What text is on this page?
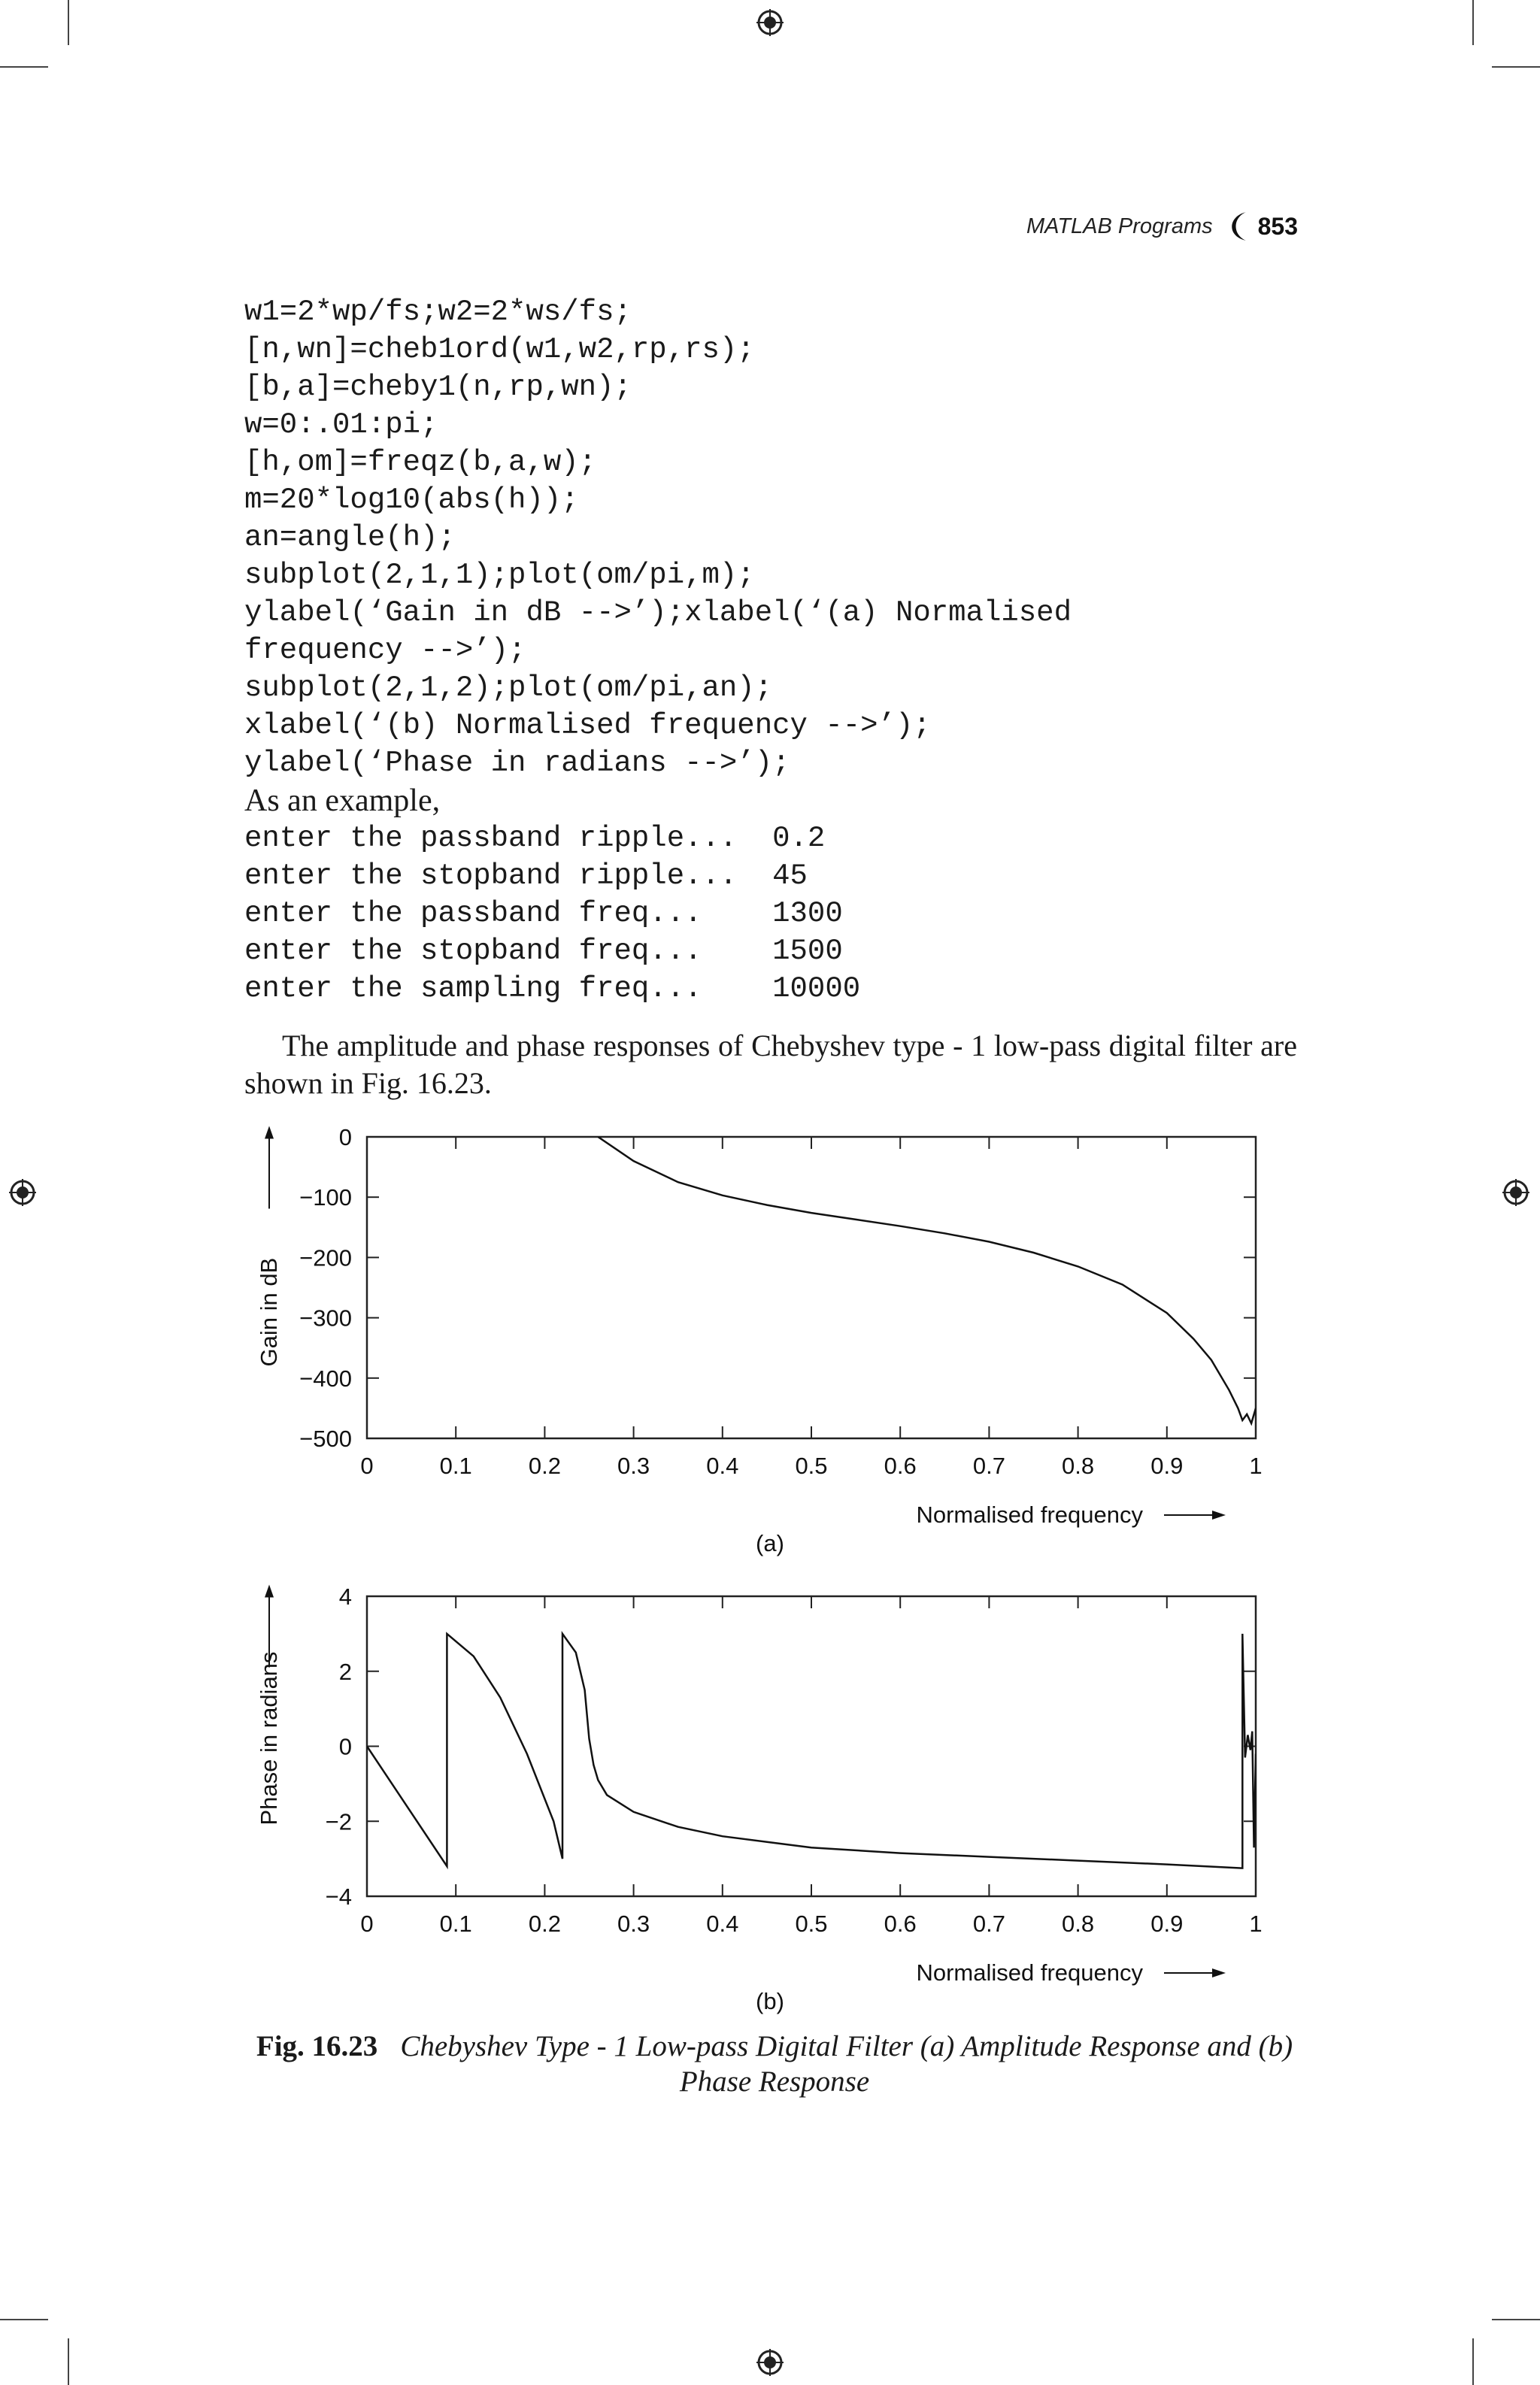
MATLAB Programs 853
w1=2*wp/fs;w2=2*ws/fs;
[n,wn]=cheb1ord(w1,w2,rp,rs);
[b,a]=cheby1(n,rp,wn);
w=0:.01:pi;
[h,om]=freqz(b,a,w);
m=20*log10(abs(h));
an=angle(h);
subplot(2,1,1);plot(om/pi,m);
ylabel(‘Gain in dB -->’);xlabel(‘(a) Normalised
frequency -->’);
subplot(2,1,2);plot(om/pi,an);
xlabel(‘(b) Normalised frequency -->’);
ylabel(‘Phase in radians -->’);
As an example,
enter the passband ripple...  0.2
enter the stopband ripple...  45
enter the passband freq...    1300
enter the stopband freq...    1500
enter the sampling freq...    10000

The amplitude and phase responses of Chebyshev type - 1 low-pass digital filter are shown in Fig. 16.23.

0	0.1 0.2 0.3 0.4 0.5 0.6 0.7 0.8 0.9	1
0
−100
−200
−300
−400
−500
Gain in dB
Normalised frequency
(a)
0	0.1 0.2 0.3 0.4 0.5 0.6 0.7 0.8 0.9	1
4
2
0
−2
−4
Phase in radians
Normalised frequency
(b)
Fig. 16.23 Chebyshev Type - 1 Low-pass Digital Filter (a) Amplitude Response and (b) Phase Response
